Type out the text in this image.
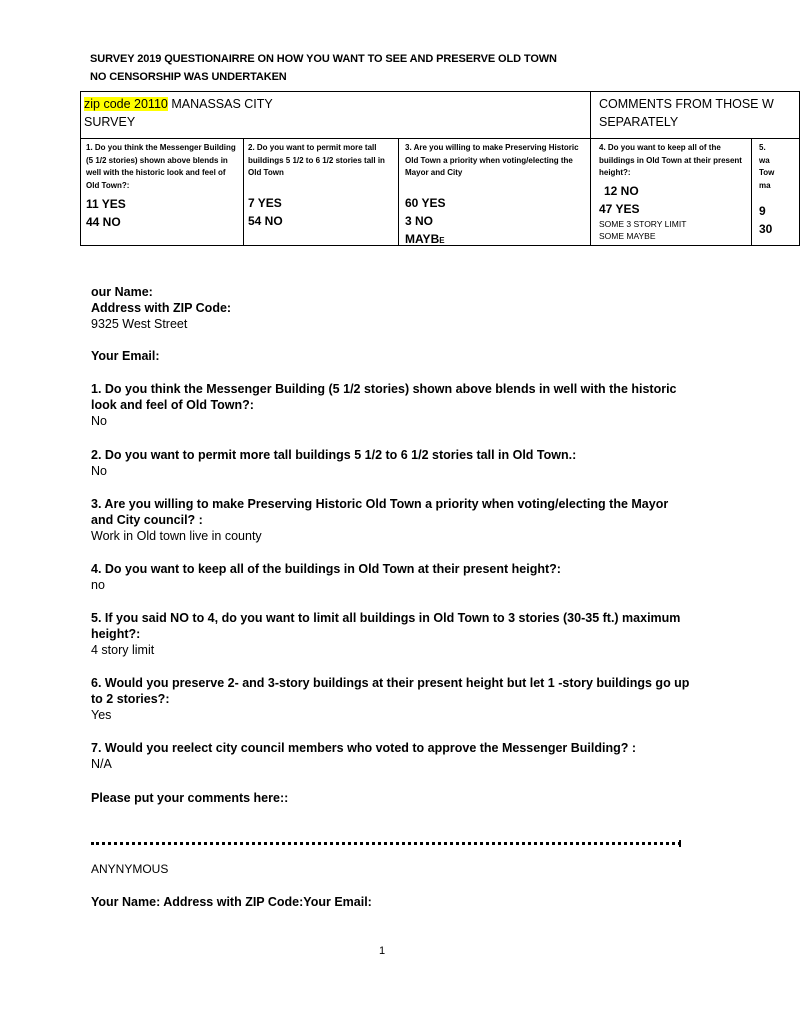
SURVEY 2019 QUESTIONAIRRE ON HOW YOU WANT TO SEE AND PRESERVE OLD TOWN
NO CENSORSHIP WAS UNDERTAKEN
zip code 20110 MANASSAS CITY
SURVEY
COMMENTS FROM THOSE W
SEPARATELY
1. Do you think the Messenger Building (5 1/2 stories) shown above blends in well with the historic look and feel of Old Town?:
11 YES
44 NO
2. Do you want to permit more tall buildings 5 1/2 to 6 1/2 stories tall in Old Town
7 YES
54 NO
3. Are you willing to make Preserving Historic Old Town a priority when voting/electing the Mayor and City
60 YES
3 NO
MAYBE
4. Do you want to keep all of the buildings in Old Town at their present height?:
12 NO
47 YES
SOME 3 STORY LIMIT
SOME MAYBE
5.
wa
Tow
ma
9
30
our Name:
Address with ZIP Code:
9325 West Street
Your Email:
1. Do you think the Messenger Building (5 1/2 stories) shown above blends in well with the historic look and feel of Old Town?:
No
2. Do you want to permit more tall buildings 5 1/2 to 6 1/2 stories tall in Old Town.:
No
3. Are you willing to make Preserving Historic Old Town a priority when voting/electing the Mayor and City council? :
Work in Old town live in county
4. Do you want to keep all of the buildings in Old Town at their present height?:
no
5. If you said NO to 4, do you want to limit all buildings in Old Town to 3 stories (30-35 ft.) maximum height?:
4 story limit
6. Would you preserve 2- and 3-story buildings at their present height but let 1 -story buildings go up to 2 stories?:
Yes
7. Would you reelect city council members who voted to approve the Messenger Building? :
N/A
Please put your comments here::
ANYNYMOUS
Your Name: Address with ZIP Code:Your Email:
1
